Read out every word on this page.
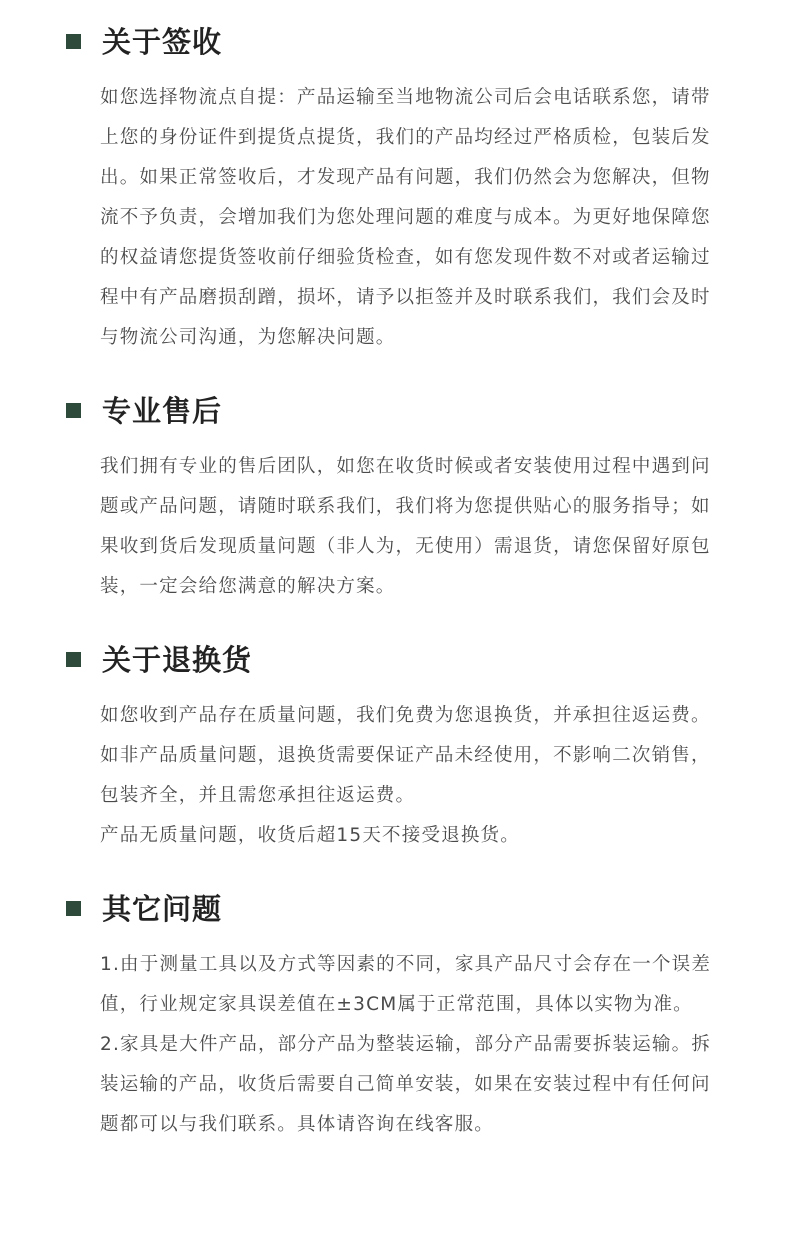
关于签收
如您选择物流点自提：产品运输至当地物流公司后会电话联系您，请带
上您的身份证件到提货点提货，我们的产品均经过严格质检，包装后发
出。如果正常签收后，才发现产品有问题，我们仍然会为您解决，但物
流不予负责，会增加我们为您处理问题的难度与成本。为更好地保障您
的权益请您提货签收前仔细验货检查，如有您发现件数不对或者运输过
程中有产品磨损刮蹭，损坏，请予以拒签并及时联系我们，我们会及时
与物流公司沟通，为您解决问题。
专业售后
我们拥有专业的售后团队，如您在收货时候或者安装使用过程中遇到问
题或产品问题，请随时联系我们，我们将为您提供贴心的服务指导；如
果收到货后发现质量问题（非人为，无使用）需退货，请您保留好原包
装，一定会给您满意的解决方案。
关于退换货
如您收到产品存在质量问题，我们免费为您退换货，并承担往返运费。
如非产品质量问题，退换货需要保证产品未经使用，不影响二次销售，
包装齐全，并且需您承担往返运费。
产品无质量问题，收货后超15天不接受退换货。
其它问题
1.由于测量工具以及方式等因素的不同，家具产品尺寸会存在一个误差
值，行业规定家具误差值在±3CM属于正常范围，具体以实物为准。
2.家具是大件产品，部分产品为整装运输，部分产品需要拆装运输。拆
装运输的产品，收货后需要自己简单安装，如果在安装过程中有任何问
题都可以与我们联系。具体请咨询在线客服。
